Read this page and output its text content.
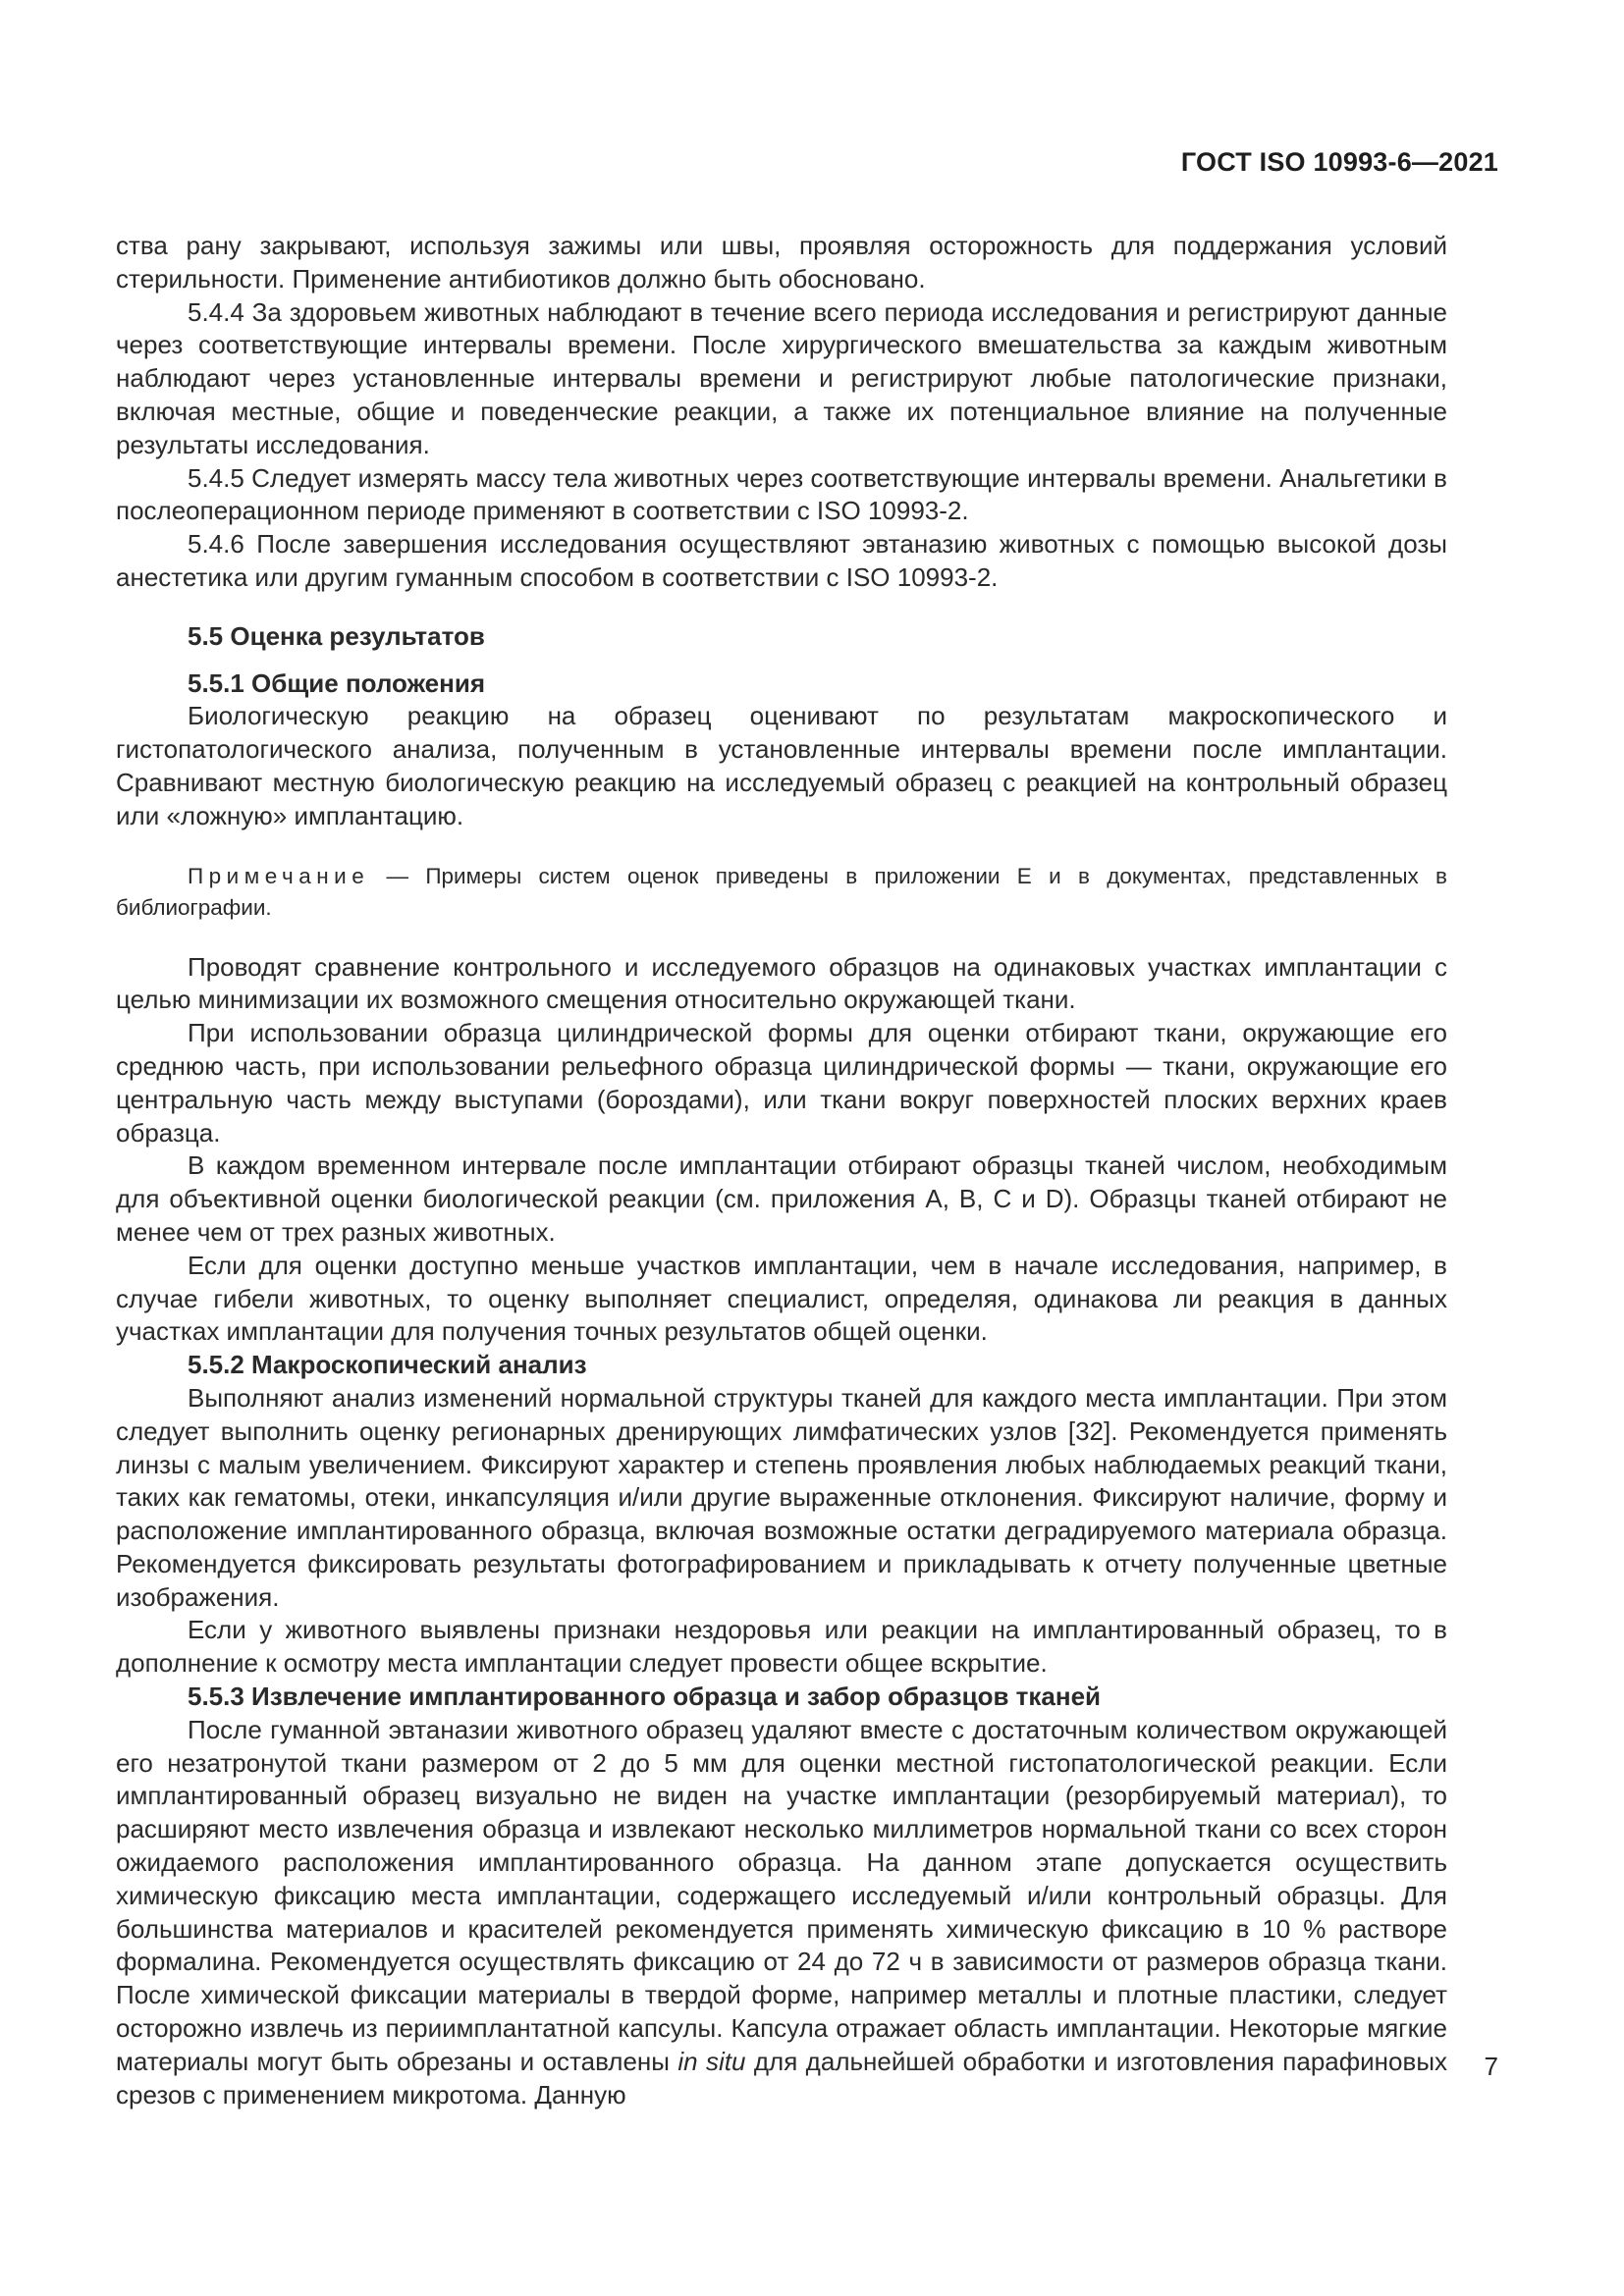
ГОСТ ISO 10993-6—2021

ства рану закрывают, используя зажимы или швы, проявляя осторожность для поддержания условий стерильности. Применение антибиотиков должно быть обосновано.

5.4.4 За здоровьем животных наблюдают в течение всего периода исследования и регистрируют данные через соответствующие интервалы времени. После хирургического вмешательства за каждым животным наблюдают через установленные интервалы времени и регистрируют любые патологические признаки, включая местные, общие и поведенческие реакции, а также их потенциальное влияние на полученные результаты исследования.

5.4.5 Следует измерять массу тела животных через соответствующие интервалы времени. Анальгетики в послеоперационном периоде применяют в соответствии с ISO 10993-2.

5.4.6 После завершения исследования осуществляют эвтаназию животных с помощью высокой дозы анестетика или другим гуманным способом в соответствии с ISO 10993-2.

5.5 Оценка результатов

5.5.1 Общие положения

Биологическую реакцию на образец оценивают по результатам макроскопического и гистопатологического анализа, полученным в установленные интервалы времени после имплантации. Сравнивают местную биологическую реакцию на исследуемый образец с реакцией на контрольный образец или «ложную» имплантацию.

Примечание — Примеры систем оценок приведены в приложении Е и в документах, представленных в библиографии.

Проводят сравнение контрольного и исследуемого образцов на одинаковых участках имплантации с целью минимизации их возможного смещения относительно окружающей ткани.

При использовании образца цилиндрической формы для оценки отбирают ткани, окружающие его среднюю часть, при использовании рельефного образца цилиндрической формы — ткани, окружающие его центральную часть между выступами (бороздами), или ткани вокруг поверхностей плоских верхних краев образца.

В каждом временном интервале после имплантации отбирают образцы тканей числом, необходимым для объективной оценки биологической реакции (см. приложения А, В, С и D). Образцы тканей отбирают не менее чем от трех разных животных.

Если для оценки доступно меньше участков имплантации, чем в начале исследования, например, в случае гибели животных, то оценку выполняет специалист, определяя, одинакова ли реакция в данных участках имплантации для получения точных результатов общей оценки.

5.5.2 Макроскопический анализ

Выполняют анализ изменений нормальной структуры тканей для каждого места имплантации. При этом следует выполнить оценку регионарных дренирующих лимфатических узлов [32]. Рекомендуется применять линзы с малым увеличением. Фиксируют характер и степень проявления любых наблюдаемых реакций ткани, таких как гематомы, отеки, инкапсуляция и/или другие выраженные отклонения. Фиксируют наличие, форму и расположение имплантированного образца, включая возможные остатки деградируемого материала образца. Рекомендуется фиксировать результаты фотографированием и прикладывать к отчету полученные цветные изображения.

Если у животного выявлены признаки нездоровья или реакции на имплантированный образец, то в дополнение к осмотру места имплантации следует провести общее вскрытие.

5.5.3 Извлечение имплантированного образца и забор образцов тканей

После гуманной эвтаназии животного образец удаляют вместе с достаточным количеством окружающей его незатронутой ткани размером от 2 до 5 мм для оценки местной гистопатологической реакции. Если имплантированный образец визуально не виден на участке имплантации (резорбируемый материал), то расширяют место извлечения образца и извлекают несколько миллиметров нормальной ткани со всех сторон ожидаемого расположения имплантированного образца. На данном этапе допускается осуществить химическую фиксацию места имплантации, содержащего исследуемый и/или контрольный образцы. Для большинства материалов и красителей рекомендуется применять химическую фиксацию в 10 % растворе формалина. Рекомендуется осуществлять фиксацию от 24 до 72 ч в зависимости от размеров образца ткани. После химической фиксации материалы в твердой форме, например металлы и плотные пластики, следует осторожно извлечь из периимплантатной капсулы. Капсула отражает область имплантации. Некоторые мягкие материалы могут быть обрезаны и оставлены in situ для дальнейшей обработки и изготовления парафиновых срезов с применением микротома. Данную

7
